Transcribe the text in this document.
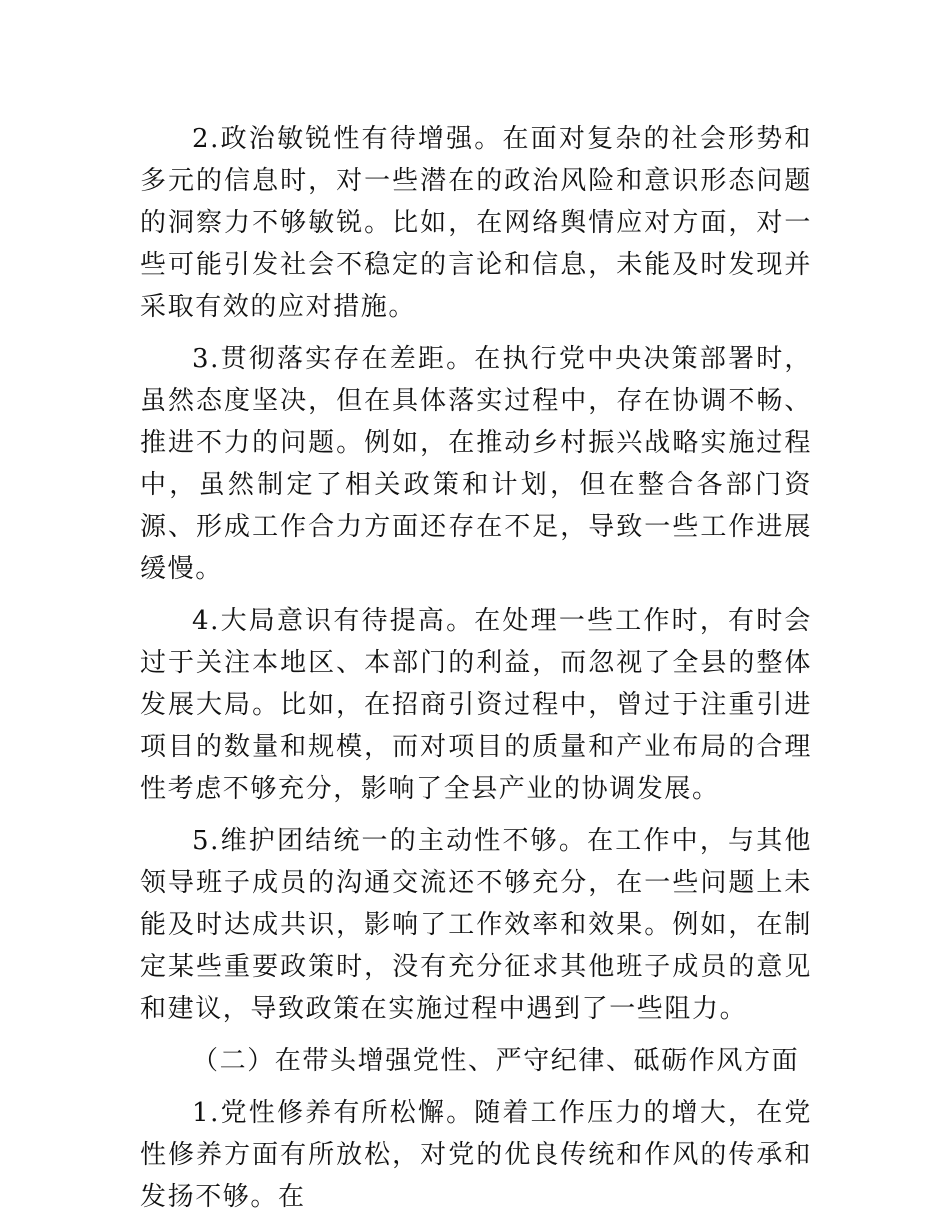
2.政治敏锐性有待增强。在面对复杂的社会形势和多元的信息时，对一些潜在的政治风险和意识形态问题的洞察力不够敏锐。比如，在网络舆情应对方面，对一些可能引发社会不稳定的言论和信息，未能及时发现并采取有效的应对措施。

3.贯彻落实存在差距。在执行党中央决策部署时，虽然态度坚决，但在具体落实过程中，存在协调不畅、推进不力的问题。例如，在推动乡村振兴战略实施过程中，虽然制定了相关政策和计划，但在整合各部门资源、形成工作合力方面还存在不足，导致一些工作进展缓慢。

4.大局意识有待提高。在处理一些工作时，有时会过于关注本地区、本部门的利益，而忽视了全县的整体发展大局。比如，在招商引资过程中，曾过于注重引进项目的数量和规模，而对项目的质量和产业布局的合理性考虑不够充分，影响了全县产业的协调发展。

5.维护团结统一的主动性不够。在工作中，与其他领导班子成员的沟通交流还不够充分，在一些问题上未能及时达成共识，影响了工作效率和效果。例如，在制定某些重要政策时，没有充分征求其他班子成员的意见和建议，导致政策在实施过程中遇到了一些阻力。

（二）在带头增强党性、严守纪律、砥砺作风方面

1.党性修养有所松懈。随着工作压力的增大，在党性修养方面有所放松，对党的优良传统和作风的传承和发扬不够。在
